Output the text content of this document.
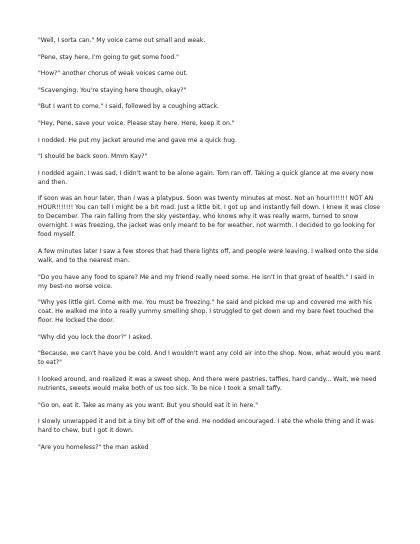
"Well, I sorta can." My voice came out small and weak.

"Pene, stay here, I'm going to get some food."

"How?" another chorus of weak voices came out.

"Scavenging. You're staying here though, okay?"

"But I want to come." I said, followed by a coughing attack.

"Hey, Pene, save your voice. Please stay here. Here, keep it on."

I nodded. He put my jacket around me and gave me a quick hug.

"I should be back soon. Mmm Kay?"

I nodded again. I was sad, I didn't want to be alone again. Tom ran off. Taking a quick glance at me every now and then.

If soon was an hour later, than I was a platypus. Soon was twenty minutes at most. Not an hour!!!!!!! NOT AN HOUR!!!!!!! You can tell I might be a bit mad. Just a little bit. I got up and instantly fell down. I knew it was close to December. The rain falling from the sky yesterday, who knows why it was really warm, turned to snow overnight. I was freezing, the jacket was only meant to be for weather, not warmth. I decided to go looking for food myself.

A few minutes later I saw a few stores that had there lights off, and people were leaving. I walked onto the side walk, and to the nearest man.

"Do you have any food to spare? Me and my friend really need some. He isn't in that great of health." I said in my best-no worse voice.

"Why yes little girl. Come with me. You must be freezing." he said and picked me up and covered me with his coat. He walked me into a really yummy smelling shop. I struggled to get down and my bare feet touched the floor. He locked the door.

"Why did you lock the door?" I asked.

"Because, we can't have you be cold. And I wouldn't want any cold air into the shop. Now, what would you want to eat?"

I looked around, and realized it was a sweet shop. And there were pastries, taffies, hard candy... Wait, we need nutrients, sweets would make both of us too sick. To be nice I took a small taffy.

"Go on, eat it. Take as many as you want. But you should eat it in here."

I slowly unwrapped it and bit a tiny bit off of the end. He nodded encouraged. I ate the whole thing and it was hard to chew, but I got it down.

"Are you homeless?" the man asked
